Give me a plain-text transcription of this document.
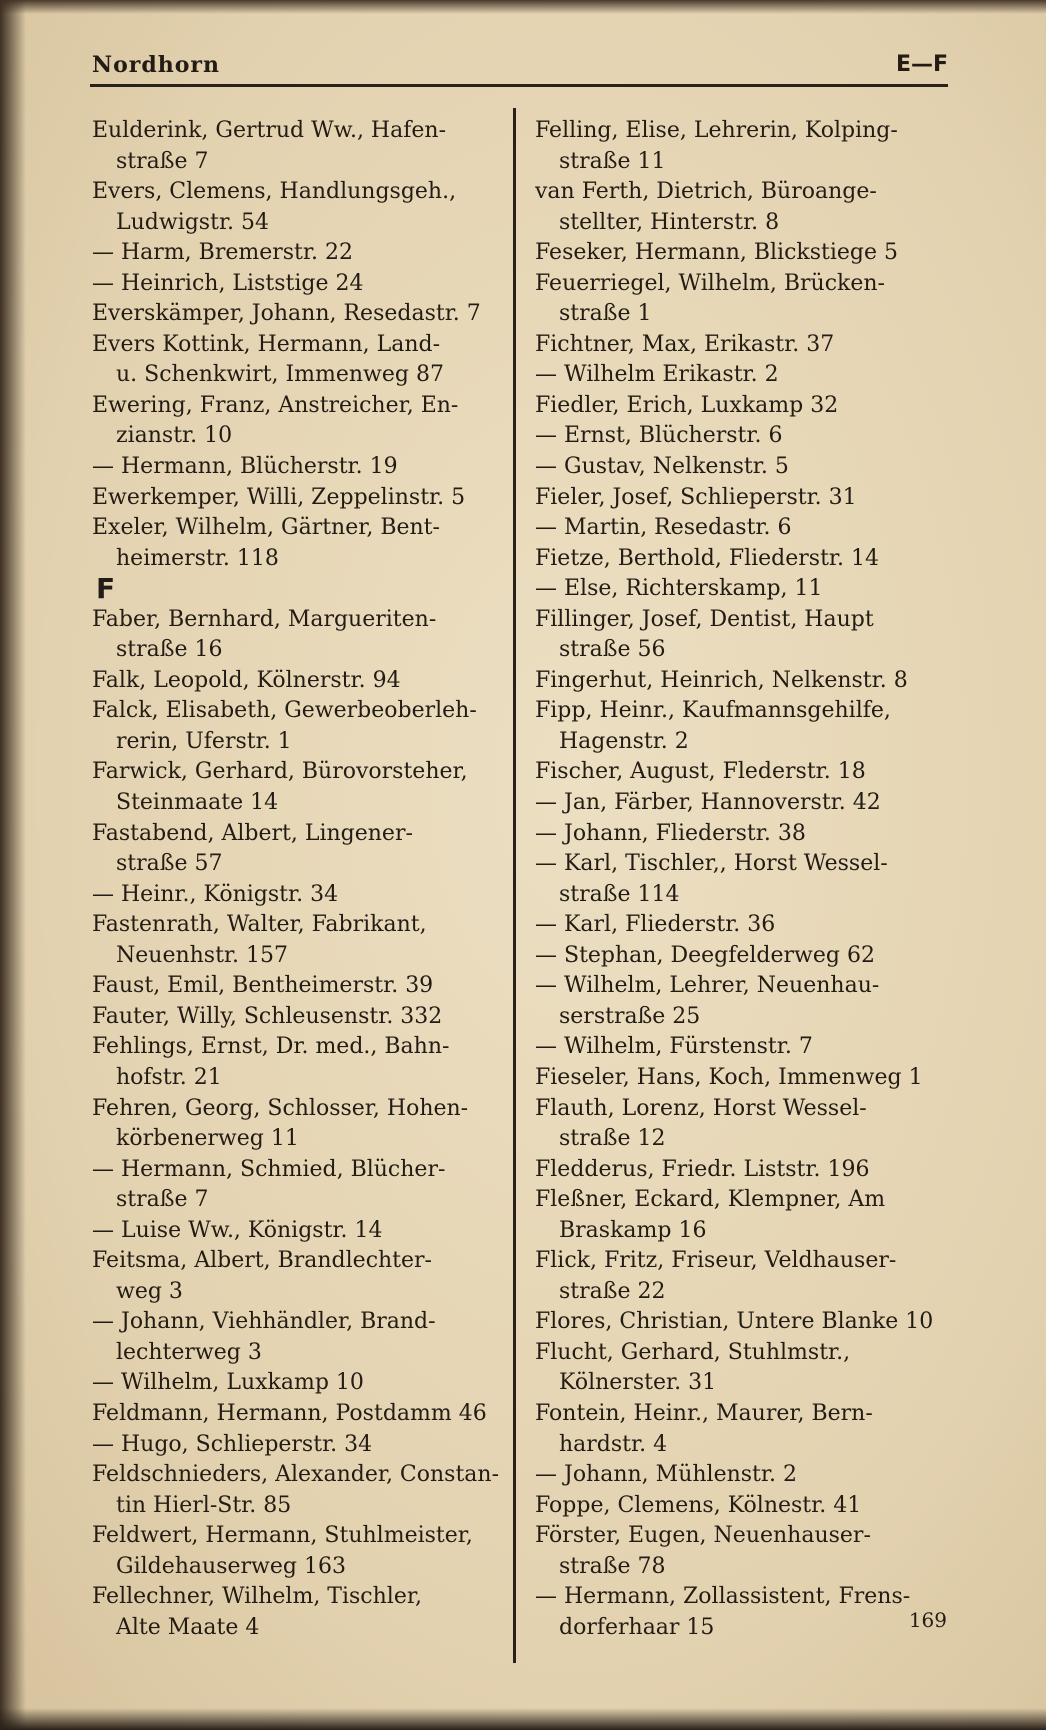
Nordhorn	E—F
Eulderink, Gertrud Ww., Hafen-
straße 7
Evers, Clemens, Handlungsgeh.,
Ludwigstr. 54
— Harm, Bremerstr. 22
— Heinrich, Liststige 24
Everskämper, Johann, Resedastr. 7
Evers Kottink, Hermann, Land-
u. Schenkwirt, Immenweg 87
Ewering, Franz, Anstreicher, En-
zianstr. 10
— Hermann, Blücherstr. 19
Ewerkemper, Willi, Zeppelinstr. 5
Exeler, Wilhelm, Gärtner, Bent-
heimerstr. 118
F
Faber, Bernhard, Margueriten-
straße 16
Falk, Leopold, Kölnerstr. 94
Falck, Elisabeth, Gewerbeoberleh-
rerin, Uferstr. 1
Farwick, Gerhard, Bürovorsteher,
Steinmaate 14
Fastabend, Albert, Lingener-
straße 57
— Heinr., Königstr. 34
Fastenrath, Walter, Fabrikant,
Neuenhstr. 157
Faust, Emil, Bentheimerstr. 39
Fauter, Willy, Schleusenstr. 332
Fehlings, Ernst, Dr. med., Bahn-
hofstr. 21
Fehren, Georg, Schlosser, Hohen-
körbenerweg 11
— Hermann, Schmied, Blücher-
straße 7
— Luise Ww., Königstr. 14
Feitsma, Albert, Brandlechter-
weg 3
— Johann, Viehhändler, Brand-
lechterweg 3
— Wilhelm, Luxkamp 10
Feldmann, Hermann, Postdamm 46
— Hugo, Schlieperstr. 34
Feldschnieders, Alexander, Constan-
tin Hierl-Str. 85
Feldwert, Hermann, Stuhlmeister,
Gildehauserweg 163
Fellechner, Wilhelm, Tischler,
Alte Maate 4
Felling, Elise, Lehrerin, Kolping-
straße 11
van Ferth, Dietrich, Büroange-
stellter, Hinterstr. 8
Feseker, Hermann, Blickstiege 5
Feuerriegel, Wilhelm, Brücken-
straße 1
Fichtner, Max, Erikastr. 37
— Wilhelm Erikastr. 2
Fiedler, Erich, Luxkamp 32
— Ernst, Blücherstr. 6
— Gustav, Nelkenstr. 5
Fieler, Josef, Schlieperstr. 31
— Martin, Resedastr. 6
Fietze, Berthold, Fliederstr. 14
— Else, Richterskamp, 11
Fillinger, Josef, Dentist, Haupt
straße 56
Fingerhut, Heinrich, Nelkenstr. 8
Fipp, Heinr., Kaufmannsgehilfe,
Hagenstr. 2
Fischer, August, Flederstr. 18
— Jan, Färber, Hannoverstr. 42
— Johann, Fliederstr. 38
— Karl, Tischler,, Horst Wessel-
straße 114
— Karl, Fliederstr. 36
— Stephan, Deegfelderweg 62
— Wilhelm, Lehrer, Neuenhau-
serstraße 25
— Wilhelm, Fürstenstr. 7
Fieseler, Hans, Koch, Immenweg 1
Flauth, Lorenz, Horst Wessel-
straße 12
Fledderus, Friedr. Liststr. 196
Fleßner, Eckard, Klempner, Am
Braskamp 16
Flick, Fritz, Friseur, Veldhauser-
straße 22
Flores, Christian, Untere Blanke 10
Flucht, Gerhard, Stuhlmstr.,
Kölnerster. 31
Fontein, Heinr., Maurer, Bern-
hardstr. 4
— Johann, Mühlenstr. 2
Foppe, Clemens, Kölnestr. 41
Förster, Eugen, Neuenhauser-
straße 78
— Hermann, Zollassistent, Frens-
dorferhaar 15	169
